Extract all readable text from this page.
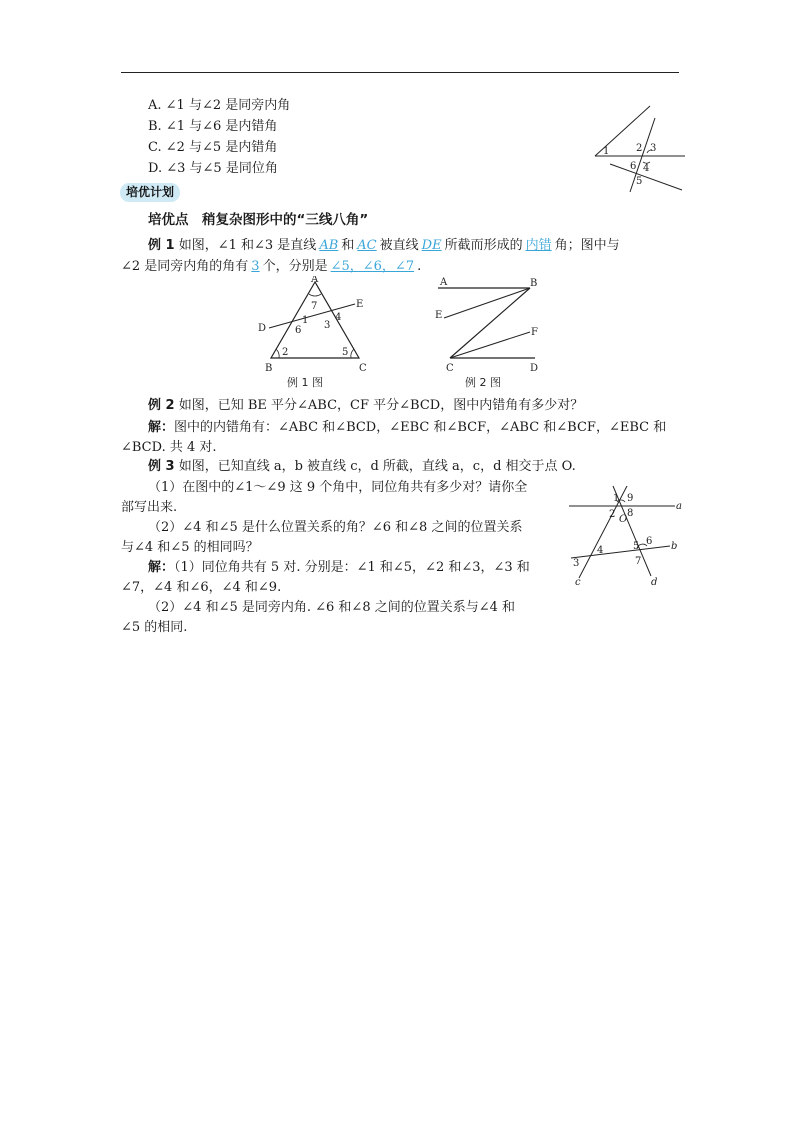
A. ∠1 与∠2 是同旁内角
B. ∠1 与∠6 是内错角
C. ∠2 与∠5 是内错角
D. ∠3 与∠5 是同位角
1	2 3
6 4
5
培优计划
培优点　稍复杂图形中的“三线八角”
例 1 如图，∠1 和∠3 是直线 AB 和 AC 被直线 DE 所截而形成的 内错 角；图中与
∠2 是同旁内角的角有 3 个，分别是 ∠5，∠6，∠7 .
A
B	C
D
E
1
2
3
4
5
6
7
例 1 图
A	B
C	D
E
F
例 2 图
例 2 如图，已知 BE 平分∠ABC，CF 平分∠BCD，图中内错角有多少对？
解：图中的内错角有：∠ABC 和∠BCD，∠EBC 和∠BCF，∠ABC 和∠BCF，∠EBC 和
∠BCD. 共 4 对.
例 3 如图，已知直线 a，b 被直线 c，d 所截，直线 a，c，d 相交于点 O.
（1）在图中的∠1～∠9 这 9 个角中，同位角共有多少对？请你全
部写出来.
（2）∠4 和∠5 是什么位置关系的角？∠6 和∠8 之间的位置关系
与∠4 和∠5 的相同吗？
解：（1）同位角共有 5 对. 分别是：∠1 和∠5，∠2 和∠3，∠3 和
∠7，∠4 和∠6，∠4 和∠9.
（2）∠4 和∠5 是同旁内角. ∠6 和∠8 之间的位置关系与∠4 和
∠5 的相同.
1 9
2 O
8
5 6
4
3	7
a
b
c	d
